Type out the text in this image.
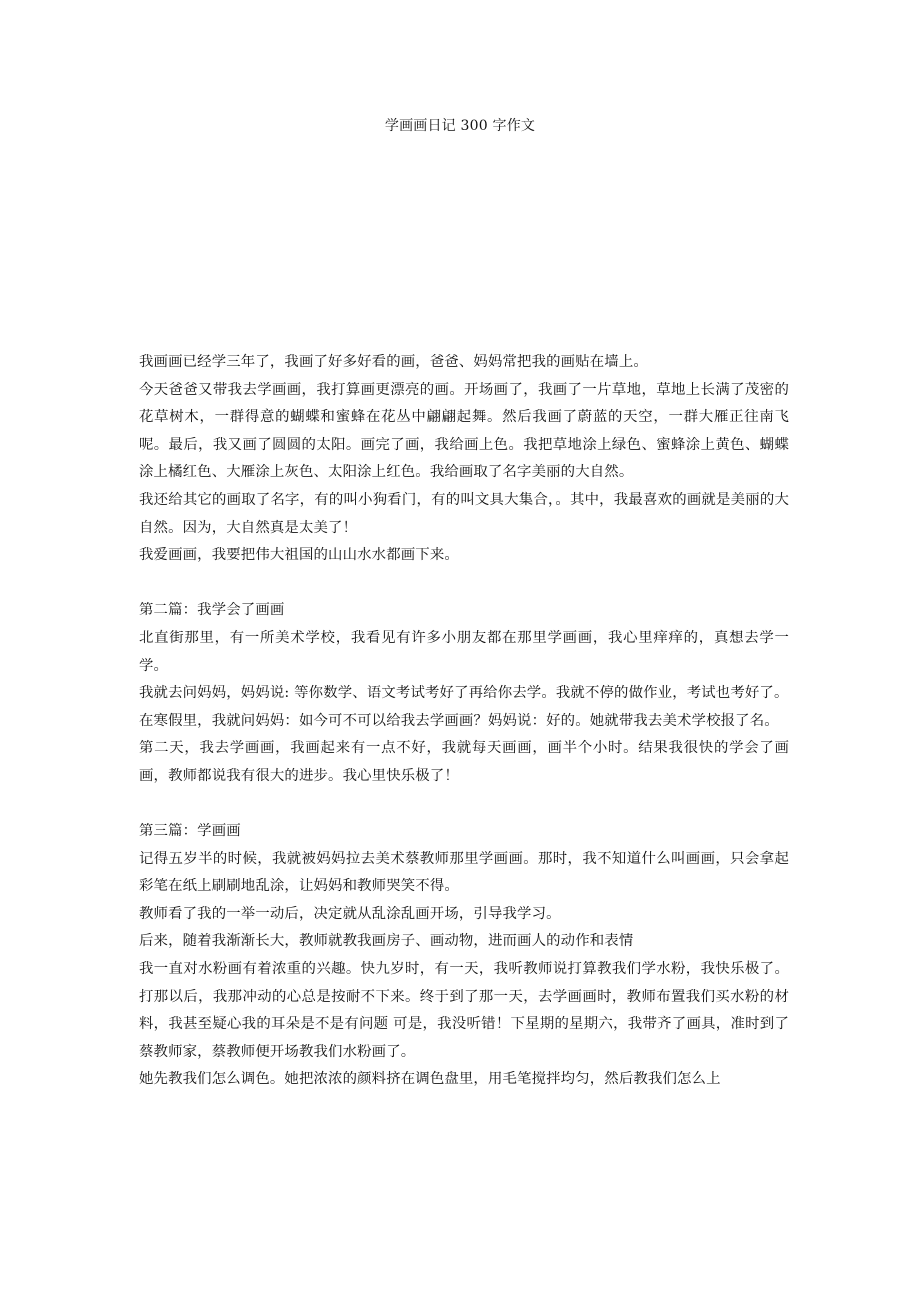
学画画日记 300 字作文

我画画已经学三年了，我画了好多好看的画，爸爸、妈妈常把我的画贴在墙上。

今天爸爸又带我去学画画，我打算画更漂亮的画。开场画了，我画了一片草地，草地上长满了茂密的花草树木，一群得意的蝴蝶和蜜蜂在花丛中翩翩起舞。然后我画了蔚蓝的天空，一群大雁正往南飞呢。最后，我又画了圆圆的太阳。画完了画，我给画上色。我把草地涂上绿色、蜜蜂涂上黄色、蝴蝶涂上橘红色、大雁涂上灰色、太阳涂上红色。我给画取了名字美丽的大自然。

我还给其它的画取了名字，有的叫小狗看门，有的叫文具大集合，。其中，我最喜欢的画就是美丽的大自然。因为，大自然真是太美了！

我爱画画，我要把伟大祖国的山山水水都画下来。

第二篇：我学会了画画

北直街那里，有一所美术学校，我看见有许多小朋友都在那里学画画，我心里痒痒的，真想去学一学。

我就去问妈妈，妈妈说: 等你数学、语文考试考好了再给你去学。我就不停的做作业，考试也考好了。

在寒假里，我就问妈妈：如今可不可以给我去学画画？妈妈说：好的。她就带我去美术学校报了名。

第二天，我去学画画，我画起来有一点不好，我就每天画画，画半个小时。结果我很快的学会了画画，教师都说我有很大的进步。我心里快乐极了！

第三篇：学画画

记得五岁半的时候，我就被妈妈拉去美术蔡教师那里学画画。那时，我不知道什么叫画画，只会拿起彩笔在纸上刷刷地乱涂，让妈妈和教师哭笑不得。

教师看了我的一举一动后，决定就从乱涂乱画开场，引导我学习。

后来，随着我渐渐长大，教师就教我画房子、画动物，进而画人的动作和表情

我一直对水粉画有着浓重的兴趣。快九岁时，有一天，我听教师说打算教我们学水粉，我快乐极了。打那以后，我那冲动的心总是按耐不下来。终于到了那一天，去学画画时，教师布置我们买水粉的材料，我甚至疑心我的耳朵是不是有问题 可是，我没听错！下星期的星期六，我带齐了画具，准时到了蔡教师家，蔡教师便开场教我们水粉画了。

她先教我们怎么调色。她把浓浓的颜料挤在调色盘里，用毛笔搅拌均匀，然后教我们怎么上
